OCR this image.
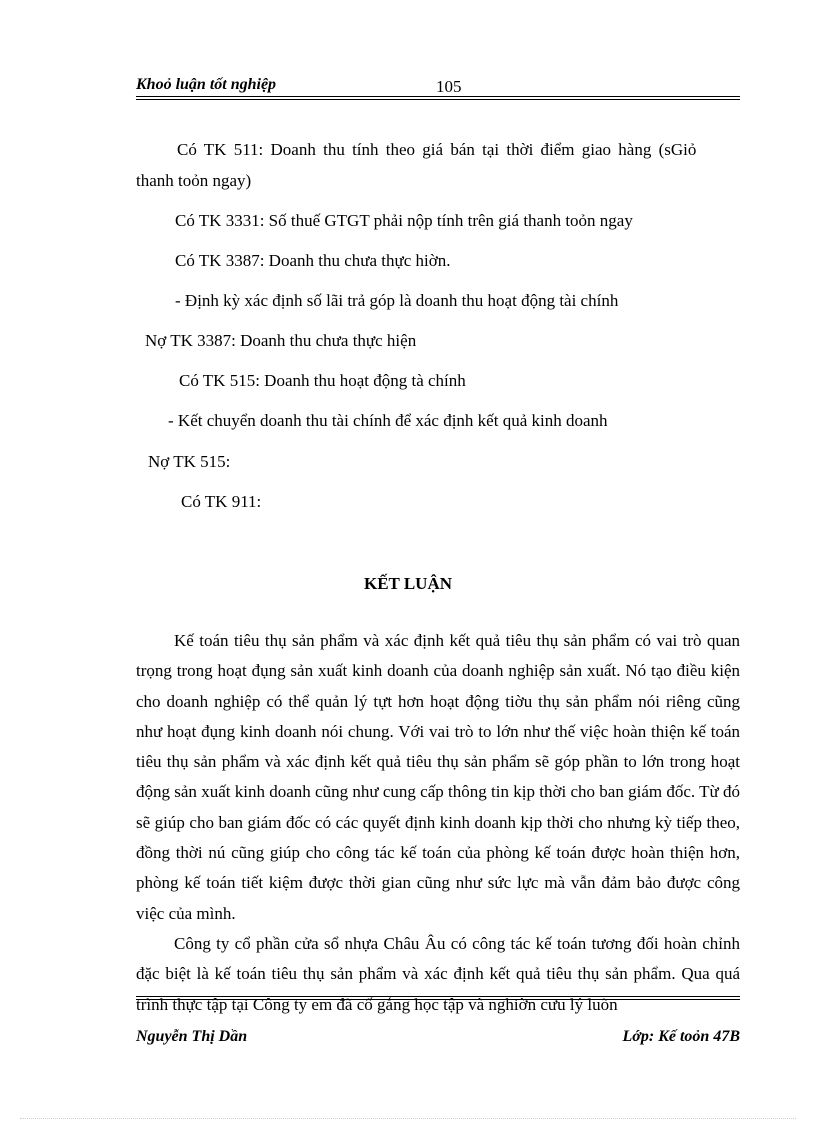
Khoỏ luận tốt nghiệp	105
Có TK 511: Doanh thu tính theo giá bán tại thời điểm giao hàng (sGiỏ
thanh toỏn ngay)
Có TK 3331: Số thuế GTGT phải nộp tính trên giá thanh toỏn ngay
Có TK 3387: Doanh thu chưa thực hiờn.
- Định kỳ xác định số lãi trả góp là doanh thu hoạt động tài chính
Nợ TK 3387: Doanh thu chưa thực hiện
Có TK 515: Doanh thu hoạt động tà chính
- Kết chuyển doanh thu tài chính để xác định kết quả kinh doanh
Nợ TK 515:
Có TK 911:
KẾT LUẬN

Kế toán tiêu thụ sản phẩm và xác định kết quả tiêu thụ sản phẩm có vai trò quan trọng trong hoạt đụng sản xuất kinh doanh của doanh nghiệp sản xuất. Nó tạo điều kiện cho doanh nghiệp có thể quản lý tựt hơn hoạt động tiờu thụ sản phẩm nói riêng cũng như hoạt đụng kinh doanh nói chung. Với vai trò to lớn như thế việc hoàn thiện kế toán tiêu thụ sản phẩm và xác định kết quả tiêu thụ sản phẩm sẽ góp phần to lớn trong hoạt động sản xuất kinh doanh cũng như cung cấp thông tin kịp thời cho ban giám đốc. Từ đó sẽ giúp cho ban giám đốc có các quyết định kinh doanh kịp thời cho nhưng kỳ tiếp theo, đồng thời nú cũng giúp cho công tác kế toán của phòng kế toán được hoàn thiện hơn, phòng kế toán tiết kiệm được thời gian cũng như sức lực mà vẫn đảm bảo được công việc của mình.

Công ty cổ phần cửa sổ nhựa Châu Âu có công tác kế toán tương đối hoàn chỉnh đặc biệt là kế toán tiêu thụ sản phẩm và xác định kết quả tiêu thụ sản phẩm. Qua quá trình thực tập tại Công ty em đã cố gắng học tập và nghiờn cưu lý luõn

Nguyễn Thị Dần	Lớp: Kế toỏn 47B
